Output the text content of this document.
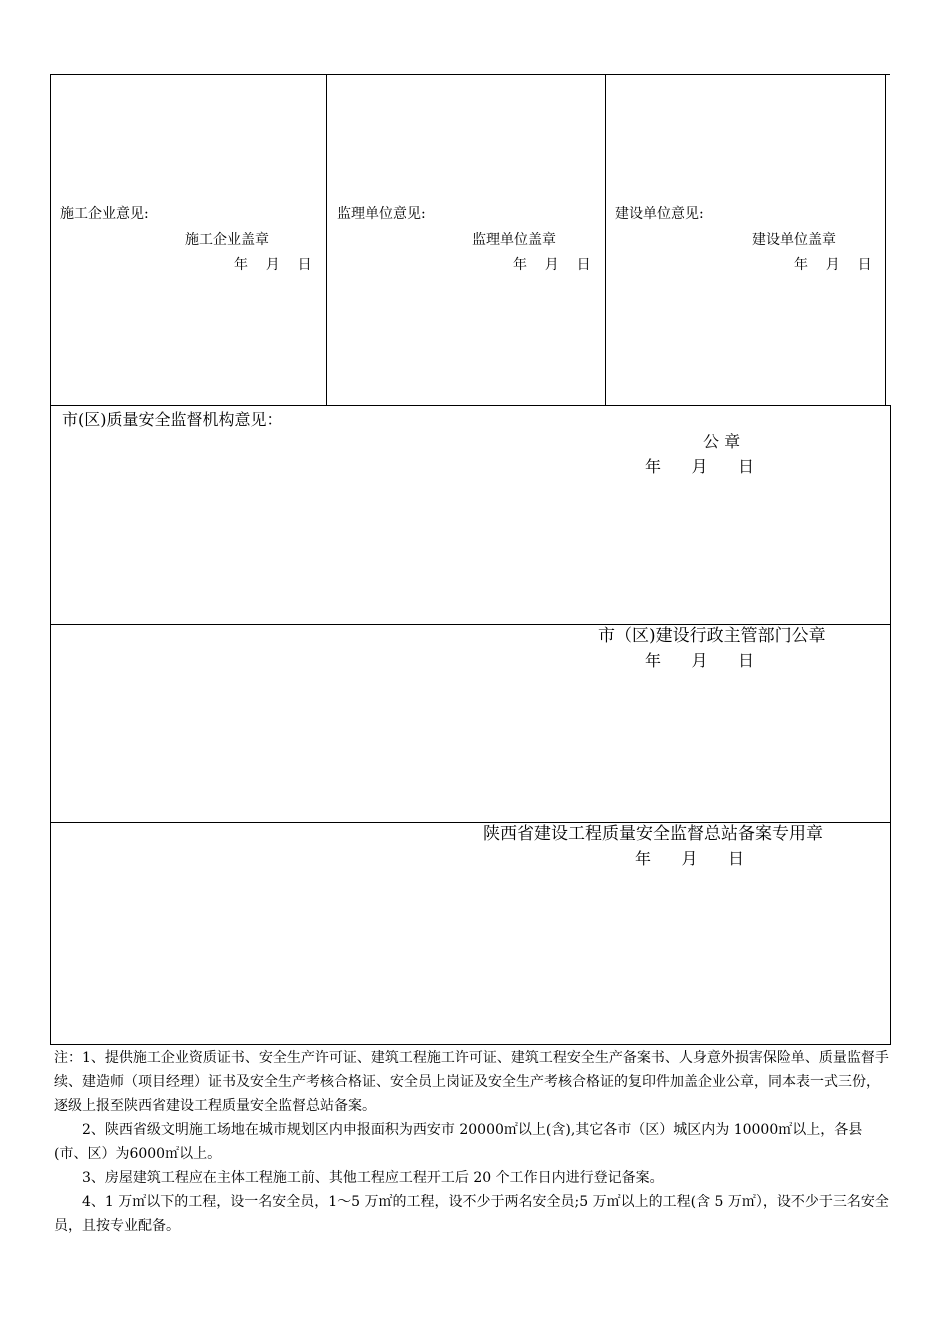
施工企业意见:
施工企业盖章
年    月    日
监理单位意见:
监理单位盖章
年    月    日
建设单位意见:
建设单位盖章
年    月    日
市(区)质量安全监督机构意见：
公 章
年      月      日
市（区)建设行政主管部门公章
年      月      日
陕西省建设工程质量安全监督总站备案专用章
年      月      日

注：1、提供施工企业资质证书、安全生产许可证、建筑工程施工许可证、建筑工程安全生产备案书、人身意外损害保险单、质量监督手续、建造师（项目经理）证书及安全生产考核合格证、安全员上岗证及安全生产考核合格证的复印件加盖企业公章，同本表一式三份，逐级上报至陕西省建设工程质量安全监督总站备案。

2、陕西省级文明施工场地在城市规划区内申报面积为西安市 20000㎡以上(含),其它各市（区）城区内为 10000㎡以上，各县(市、区）为6000㎡以上。

3、房屋建筑工程应在主体工程施工前、其他工程应工程开工后 20 个工作日内进行登记备案。

4、1 万㎡以下的工程，设一名安全员，1～5 万㎡的工程，设不少于两名安全员;5 万㎡以上的工程(含 5 万㎡），设不少于三名安全员，且按专业配备。
